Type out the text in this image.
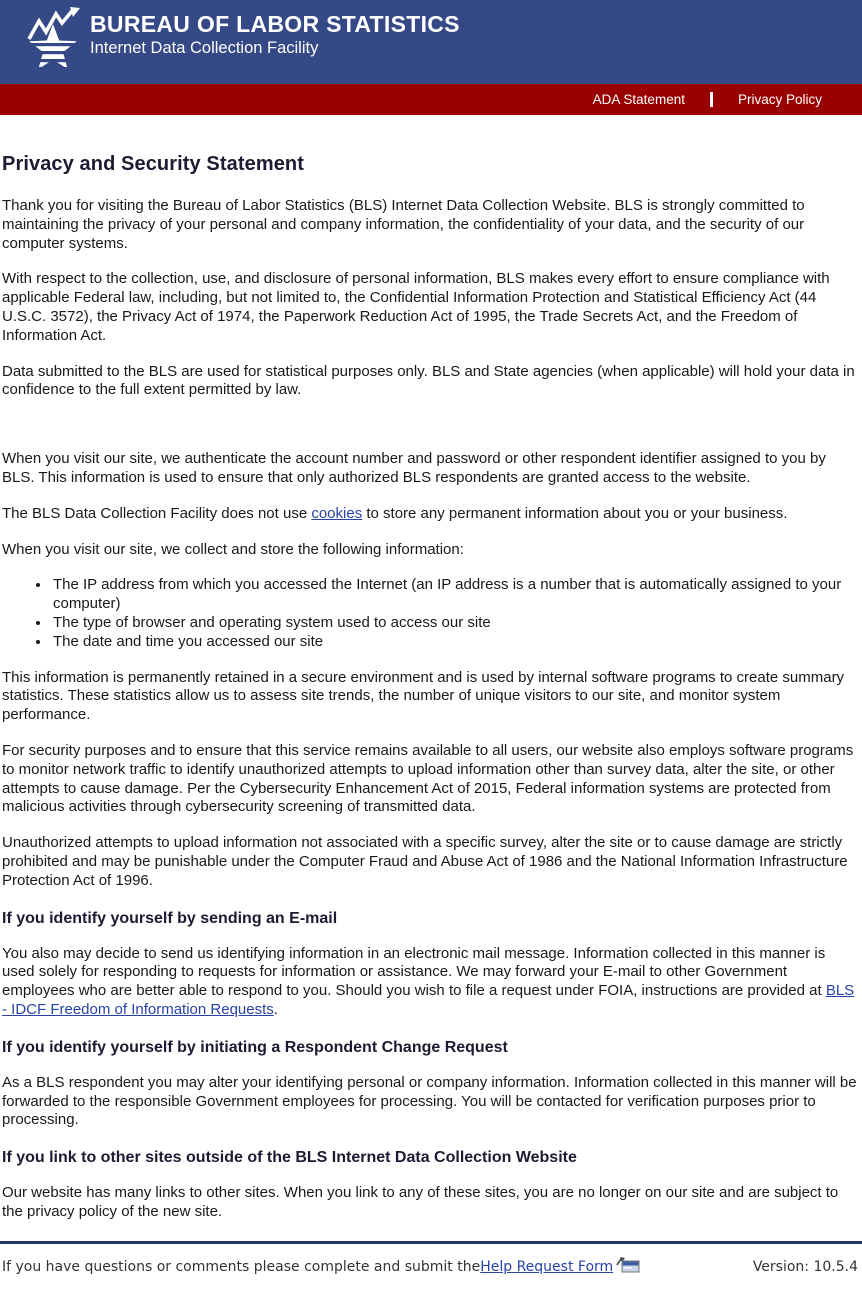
BUREAU OF LABOR STATISTICS
Internet Data Collection Facility
ADA Statement	Privacy Policy
Privacy and Security Statement

Thank you for visiting the Bureau of Labor Statistics (BLS) Internet Data Collection Website. BLS is strongly committed to maintaining the privacy of your personal and company information, the confidentiality of your data, and the security of our computer systems.

With respect to the collection, use, and disclosure of personal information, BLS makes every effort to ensure compliance with applicable Federal law, including, but not limited to, the Confidential Information Protection and Statistical Efficiency Act (44 U.S.C. 3572), the Privacy Act of 1974, the Paperwork Reduction Act of 1995, the Trade Secrets Act, and the Freedom of Information Act.

Data submitted to the BLS are used for statistical purposes only. BLS and State agencies (when applicable) will hold your data in confidence to the full extent permitted by law.

When you visit our site, we authenticate the account number and password or other respondent identifier assigned to you by BLS. This information is used to ensure that only authorized BLS respondents are granted access to the website.

The BLS Data Collection Facility does not use cookies to store any permanent information about you or your business.

When you visit our site, we collect and store the following information:

• The IP address from which you accessed the Internet (an IP address is a number that is automatically assigned to your computer)
• The type of browser and operating system used to access our site
• The date and time you accessed our site

This information is permanently retained in a secure environment and is used by internal software programs to create summary statistics. These statistics allow us to assess site trends, the number of unique visitors to our site, and monitor system performance.

For security purposes and to ensure that this service remains available to all users, our website also employs software programs to monitor network traffic to identify unauthorized attempts to upload information other than survey data, alter the site, or other attempts to cause damage. Per the Cybersecurity Enhancement Act of 2015, Federal information systems are protected from malicious activities through cybersecurity screening of transmitted data.

Unauthorized attempts to upload information not associated with a specific survey, alter the site or to cause damage are strictly prohibited and may be punishable under the Computer Fraud and Abuse Act of 1986 and the National Information Infrastructure Protection Act of 1996.

If you identify yourself by sending an E-mail

You also may decide to send us identifying information in an electronic mail message. Information collected in this manner is used solely for responding to requests for information or assistance. We may forward your E-mail to other Government employees who are better able to respond to you. Should you wish to file a request under FOIA, instructions are provided at BLS - IDCF Freedom of Information Requests.

If you identify yourself by initiating a Respondent Change Request

As a BLS respondent you may alter your identifying personal or company information. Information collected in this manner will be forwarded to the responsible Government employees for processing. You will be contacted for verification purposes prior to processing.

If you link to other sites outside of the BLS Internet Data Collection Website

Our website has many links to other sites. When you link to any of these sites, you are no longer on our site and are subject to the privacy policy of the new site.

If you have questions or comments please complete and submit the Help Request Form	Version: 10.5.4
